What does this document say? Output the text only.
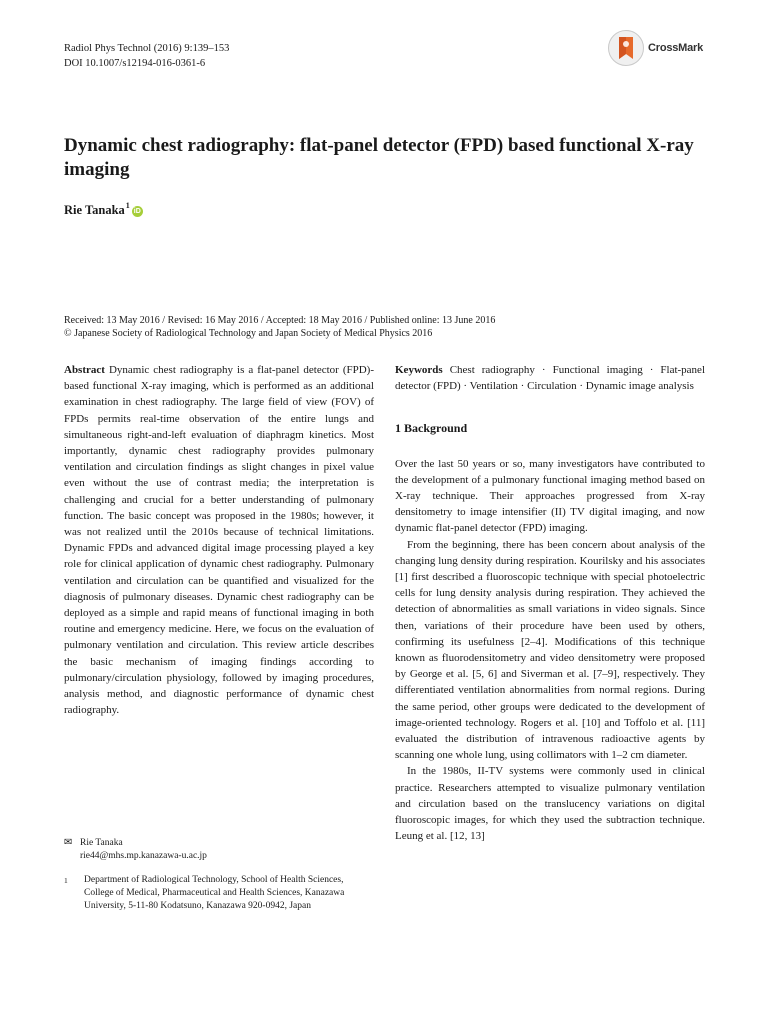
Radiol Phys Technol (2016) 9:139–153
DOI 10.1007/s12194-016-0361-6
CrossMark
Dynamic chest radiography: flat-panel detector (FPD) based functional X-ray imaging
Rie Tanaka$^1$
iD
Received: 13 May 2016 / Revised: 16 May 2016 / Accepted: 18 May 2016 / Published online: 13 June 2016
© Japanese Society of Radiological Technology and Japan Society of Medical Physics 2016

Abstract Dynamic chest radiography is a flat-panel detector (FPD)-based functional X-ray imaging, which is performed as an additional examination in chest radiography. The large field of view (FOV) of FPDs permits real-time observation of the entire lungs and simultaneous right-and-left evaluation of diaphragm kinetics. Most importantly, dynamic chest radiography provides pulmonary ventilation and circulation findings as slight changes in pixel value even without the use of contrast media; the interpretation is challenging and crucial for a better understanding of pulmonary function. The basic concept was proposed in the 1980s; however, it was not realized until the 2010s because of technical limitations. Dynamic FPDs and advanced digital image processing played a key role for clinical application of dynamic chest radiography. Pulmonary ventilation and circulation can be quantified and visualized for the diagnosis of pulmonary diseases. Dynamic chest radiography can be deployed as a simple and rapid means of functional imaging in both routine and emergency medicine. Here, we focus on the evaluation of pulmonary ventilation and circulation. This review article describes the basic mechanism of imaging findings according to pulmonary/circulation physiology, followed by imaging procedures, analysis method, and diagnostic performance of dynamic chest radiography.

✉ Rie Tanaka
rie44@mhs.mp.kanazawa-u.ac.jp
1	Department of Radiological Technology, School of Health Sciences, College of Medical, Pharmaceutical and Health Sciences, Kanazawa University, 5-11-80 Kodatsuno, Kanazawa 920-0942, Japan

Keywords Chest radiography · Functional imaging · Flat-panel detector (FPD) · Ventilation · Circulation · Dynamic image analysis

1 Background

Over the last 50 years or so, many investigators have contributed to the development of a pulmonary functional imaging method based on X-ray technique. Their approaches progressed from X-ray densitometry to image intensifier (II) TV digital imaging, and now dynamic flat-panel detector (FPD) imaging.

From the beginning, there has been concern about analysis of the changing lung density during respiration. Kourilsky and his associates [1] first described a fluoroscopic technique with special photoelectric cells for lung density analysis during respiration. They achieved the detection of abnormalities as small variations in video signals. Since then, variations of their procedure have been used by others, confirming its usefulness [2–4]. Modifications of this technique known as fluorodensitometry and video densitometry were proposed by George et al. [5, 6] and Siverman et al. [7–9], respectively. They differentiated ventilation abnormalities from normal regions. During the same period, other groups were dedicated to the development of image-oriented technology. Rogers et al. [10] and Toffolo et al. [11] evaluated the distribution of intravenous radioactive agents by scanning one whole lung, using collimators with 1–2 cm diameter.

In the 1980s, II-TV systems were commonly used in clinical practice. Researchers attempted to visualize pulmonary ventilation and circulation based on the translucency variations on digital fluoroscopic images, for which they used the subtraction technique. Leung et al. [12, 13]
